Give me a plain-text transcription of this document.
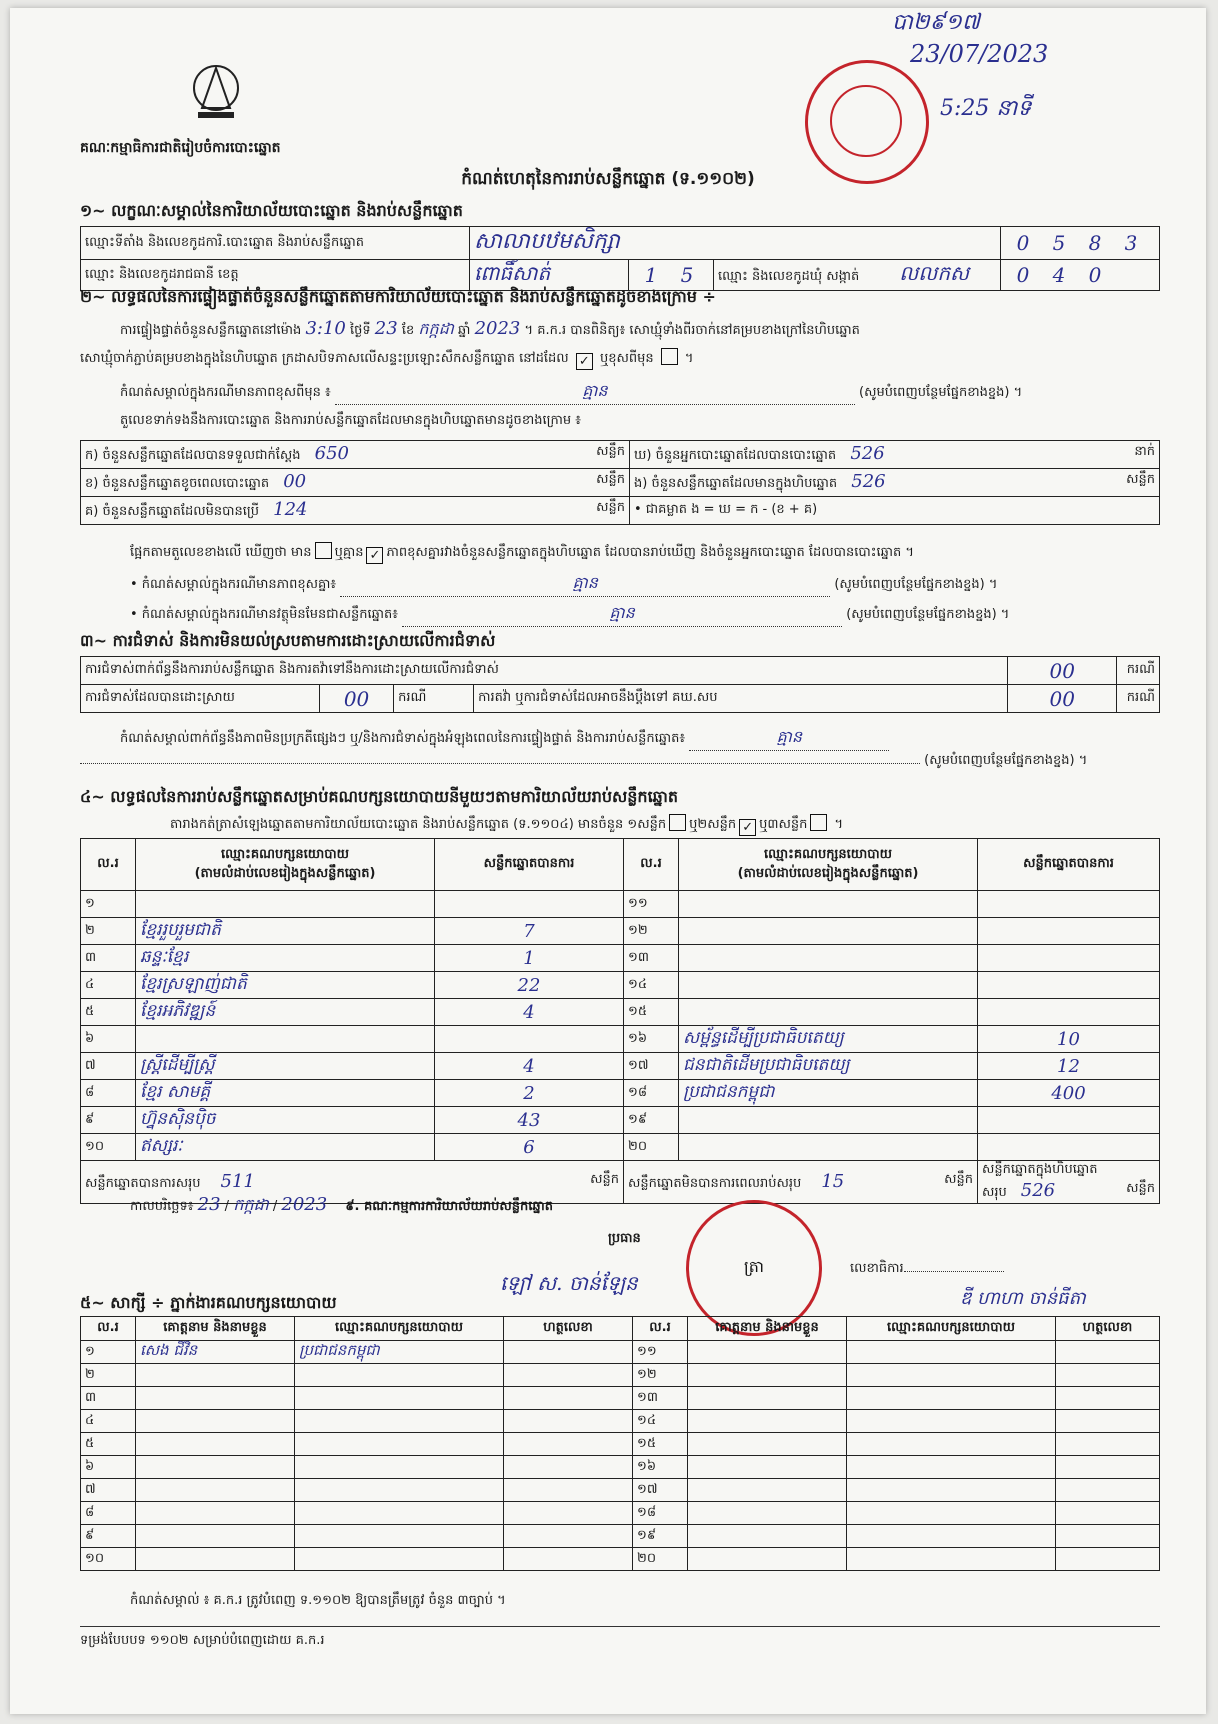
បា២៩១៧
23/07/2023
5:25 នាទី
គណៈកម្មាធិការជាតិរៀបចំការបោះឆ្នោត
កំណត់ហេតុនៃការរាប់សន្លឹកឆ្នោត (ទ.១១០២)
១~ លក្ខណៈសម្គាល់នៃការិយាល័យបោះឆ្នោត និងរាប់សន្លឹកឆ្នោត
ឈ្មោះទីតាំង និងលេខកូដការិ.បោះឆ្នោត និងរាប់សន្លឹកឆ្នោត	សាលាបឋមសិក្សា			0 5 8 3
ឈ្មោះ និងលេខកូដរាជធានី ខេត្ត	ពោធិ៍សាត់	1 5	ឈ្មោះ និងលេខកូដឃុំ សង្កាត់ លលកស	0 4 0
២~ លទ្ធផលនៃការផ្ទៀងផ្ទាត់ចំនួនសន្លឹកឆ្នោតតាមការិយាល័យបោះឆ្នោត និងរាប់សន្លឹកឆ្នោតដូចខាងក្រោម ÷
ការផ្ទៀងផ្ទាត់ចំនួនសន្លឹកឆ្នោតនៅម៉ោង 3:10 ថ្ងៃទី 23 ខែ កក្កដា ឆ្នាំ 2023 ។ គ.ក.រ បានពិនិត្យ៖ សោឃ្មុំទាំងពីរចាក់នៅគម្របខាងក្រៅនៃហិបឆ្នោត
សោឃ្មុំចាក់ភ្ជាប់គម្របខាងក្នុងនៃហិបឆ្នោត ក្រដាសបិទភាសលើសន្ទះប្រឡោះសឹកសន្លឹកឆ្នោត នៅដដែល ✓ ឬខុសពីមុន  ។
កំណត់សម្គាល់ក្នុងករណីមានភាពខុសពីមុន ៖	គ្មាន	(សូមបំពេញបន្ថែមផ្នែកខាងខ្នង) ។
តួលេខទាក់ទងនឹងការបោះឆ្នោត និងការរាប់សន្លឹកឆ្នោតដែលមានក្នុងហិបឆ្នោតមានដូចខាងក្រោម ៖
ក) ចំនួនសន្លឹកឆ្នោតដែលបានទទួលជាក់ស្តែង 650 សន្លឹក	ឃ) ចំនួនអ្នកបោះឆ្នោតដែលបានបោះឆ្នោត 526 នាក់

ខ) ចំនួនសន្លឹកឆ្នោតខូចពេលបោះឆ្នោត 00 សន្លឹក	ង) ចំនួនសន្លឹកឆ្នោតដែលមានក្នុងហិបឆ្នោត 526 សន្លឹក

គ) ចំនួនសន្លឹកឆ្នោតដែលមិនបានប្រើ 124 សន្លឹក	• ជាគម្លាត ង = ឃ = ក - (ខ + គ)
ផ្អែកតាមតួលេខខាងលើ ឃើញថា មាន ឬគ្មាន ✓ ភាពខុសគ្នារវាងចំនួនសន្លឹកឆ្នោតក្នុងហិបឆ្នោត ដែលបានរាប់ឃើញ និងចំនួនអ្នកបោះឆ្នោត ដែលបានបោះឆ្នោត ។
• កំណត់សម្គាល់ក្នុងករណីមានភាពខុសគ្នា៖	គ្មាន	(សូមបំពេញបន្ថែមផ្នែកខាងខ្នង) ។
• កំណត់សម្គាល់ក្នុងករណីមានវត្ថុមិនមែនជាសន្លឹកឆ្នោត៖	គ្មាន	(សូមបំពេញបន្ថែមផ្នែកខាងខ្នង) ។
៣~ ការជំទាស់ និងការមិនយល់ស្របតាមការដោះស្រាយលើការជំទាស់
ការជំទាស់ពាក់ព័ន្ធនឹងការរាប់សន្លឹកឆ្នោត និងការតវ៉ាទៅនឹងការដោះស្រាយលើការជំទាស់				00	ករណី
ការជំទាស់ដែលបានដោះស្រាយ	00	ករណី	ការតវ៉ា ឬការជំទាស់ដែលអាចនឹងប្តឹងទៅ គឃ.សប	00	ករណី
កំណត់សម្គាល់ពាក់ព័ន្ធនឹងភាពមិនប្រក្រតីផ្សេងៗ ឬ/និងការជំទាស់ក្នុងអំឡុងពេលនៃការផ្ទៀងផ្ទាត់ និងការរាប់សន្លឹកឆ្នោត៖	គ្មាន
(សូមបំពេញបន្ថែមផ្នែកខាងខ្នង) ។
៤~ លទ្ធផលនៃការរាប់សន្លឹកឆ្នោតសម្រាប់គណបក្សនយោបាយនីមួយៗតាមការិយាល័យរាប់សន្លឹកឆ្នោត
តារាងកត់ត្រាសំឡេងឆ្នោតតាមការិយាល័យបោះឆ្នោត និងរាប់សន្លឹកឆ្នោត (ទ.១១០៤) មានចំនួន ១សន្លឹក ឬ២សន្លឹក ✓ ឬ៣សន្លឹក ។
ល.រ	ឈ្មោះគណបក្សនយោបាយ
(តាមលំដាប់លេខរៀងក្នុងសន្លឹកឆ្នោត)	សន្លឹកឆ្នោតបានការ	ល.រ	ឈ្មោះគណបក្សនយោបាយ
(តាមលំដាប់លេខរៀងក្នុងសន្លឹកឆ្នោត)	សន្លឹកឆ្នោតបានការ
១			១១		
២	ខ្មែររួបរួមជាតិ	7	១២		
៣	ឆន្ទៈខ្មែរ	1	១៣		
៤	ខ្មែរស្រឡាញ់ជាតិ	22	១៤		
៥	ខ្មែរអភិវឌ្ឍន៍	4	១៥		
៦			១៦	សម្ព័ន្ធដើម្បីប្រជាធិបតេយ្យ	10
៧	ស្ត្រីដើម្បីស្ត្រី	4	១៧	ជនជាតិដើមប្រជាធិបតេយ្យ	12
៨	ខ្មែរ សាមគ្គី	2	១៨	ប្រជាជនកម្ពុជា	400
៩	ហ្វ៊ុនស៊ិនប៉ិច	43	១៩		
១០	ឥស្សរៈ	6	២០		
សន្លឹកឆ្នោតបានការសរុប 511 សន្លឹក			សន្លឹកឆ្នោតមិនបានការពេលរាប់សរុប 15 សន្លឹក		សន្លឹកឆ្នោតក្នុងហិបឆ្នោតសរុប 526 សន្លឹក
កាលបរិច្ឆេទ៖ 23 / កក្កដា / 2023 ៩. គណៈកម្មការការិយាល័យរាប់សន្លឹកឆ្នោត
ប្រធាន
ឡៅ ស. ចាន់ឡែន
ត្រា	លេខាធិការ
ឌី ហាហា ចាន់ធីតា
៥~ សាក្សី ÷ ភ្នាក់ងារគណបក្សនយោបាយ
ល.រ	គោត្តនាម និងនាមខ្លួន	ឈ្មោះគណបក្សនយោបាយ	ហត្ថលេខា	ល.រ	គោត្តនាម និងនាមខ្លួន	ឈ្មោះគណបក្សនយោបាយ	ហត្ថលេខា
១	សេង ជីវិន	ប្រជាជនកម្ពុជា		១១			
២				១២			
៣				១៣			
៤				១៤			
៥				១៥			
៦				១៦			
៧				១៧			
៨				១៨			
៩				១៩			
១០				២០			
កំណត់សម្គាល់ ៖ គ.ក.រ ត្រូវបំពេញ ទ.១១០២ ឱ្យបានត្រឹមត្រូវ ចំនួន ៣ច្បាប់ ។
ទម្រង់បែបបទ ១១០២ សម្រាប់បំពេញដោយ គ.ក.រ
